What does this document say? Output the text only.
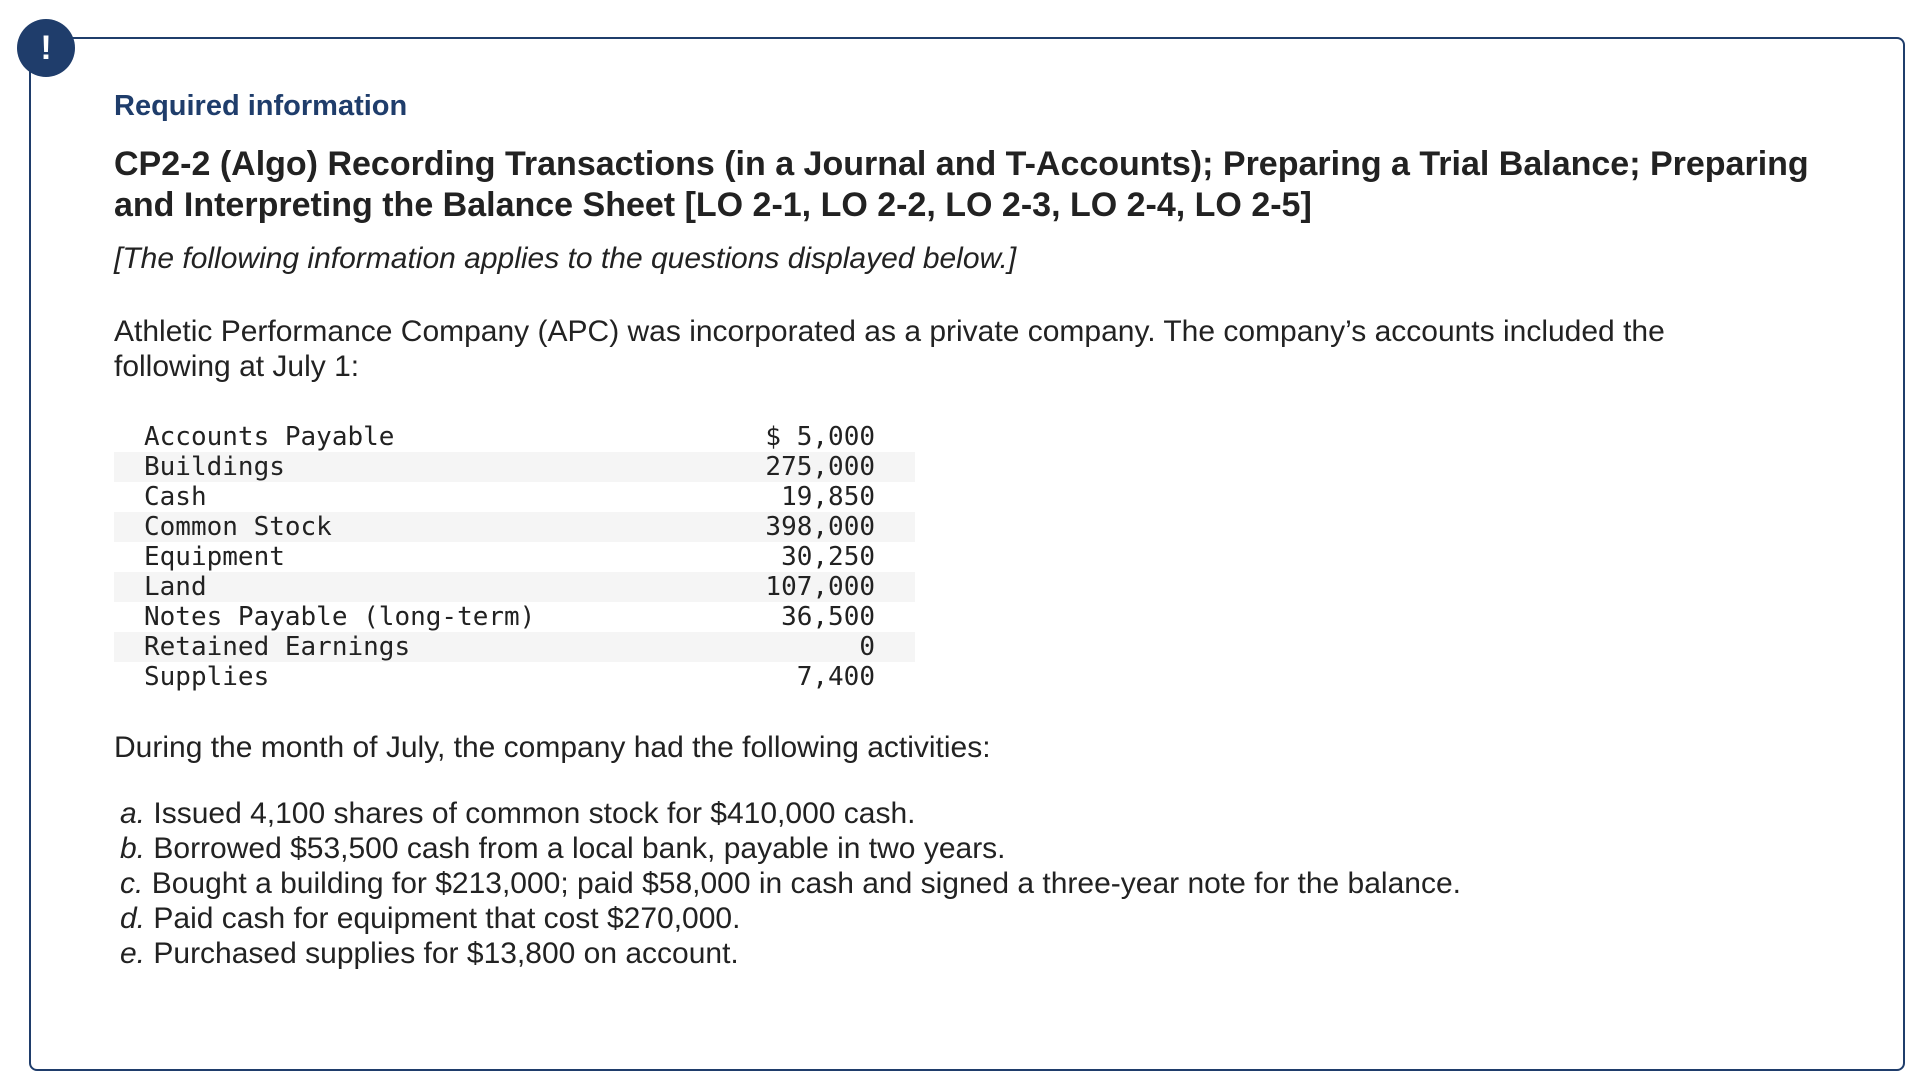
!

Required information

CP2-2 (Algo) Recording Transactions (in a Journal and T-Accounts); Preparing a Trial Balance; Preparing and Interpreting the Balance Sheet [LO 2-1, LO 2-2, LO 2-3, LO 2-4, LO 2-5]

[The following information applies to the questions displayed below.]

Athletic Performance Company (APC) was incorporated as a private company. The company’s accounts included the following at July 1:

Accounts Payable	$ 5,000
Buildings	275,000
Cash	19,850
Common Stock	398,000
Equipment	30,250
Land	107,000
Notes Payable (long-term)	36,500
Retained Earnings	0
Supplies	7,400

During the month of July, the company had the following activities:

a. Issued 4,100 shares of common stock for $410,000 cash.
b. Borrowed $53,500 cash from a local bank, payable in two years.
c. Bought a building for $213,000; paid $58,000 in cash and signed a three-year note for the balance.
d. Paid cash for equipment that cost $270,000.
e. Purchased supplies for $13,800 on account.
